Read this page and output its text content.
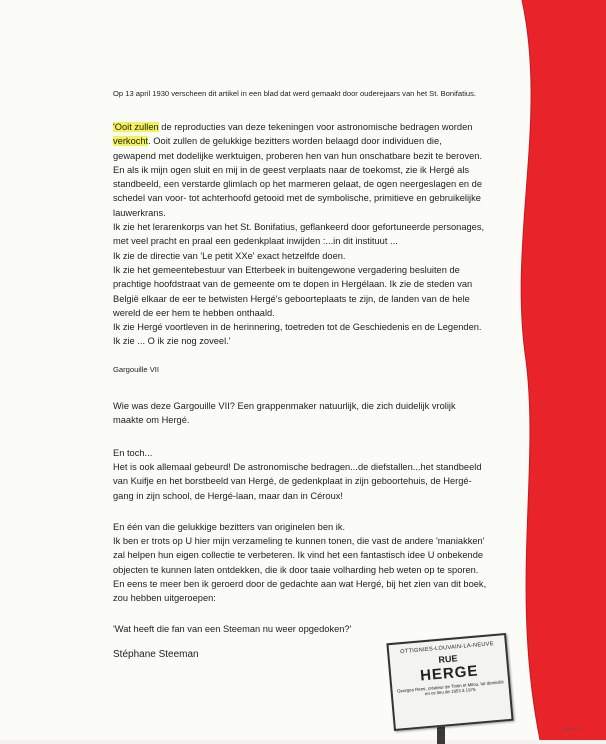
Op 13 april 1930 verscheen dit artikel in een blad dat werd gemaakt door ouderejaars van het St. Bonifatius.

'Ooit zullen de reproducties van deze tekeningen voor astronomische bedragen worden

verkocht. Ooit zullen de gelukkige bezitters worden belaagd door individuen die,

gewapend met dodelijke werktuigen, proberen hen van hun onschatbare bezit te beroven.

En als ik mijn ogen sluit en mij in de geest verplaats naar de toekomst, zie ik Hergé als

standbeeld, een verstarde glimlach op het marmeren gelaat, de ogen neergeslagen en de

schedel van voor- tot achterhoofd getooid met de symbolische, primitieve en gebruikelijke

lauwerkrans.

Ik zie het lerarenkorps van het St. Bonifatius, geflankeerd door gefortuneerde personages,

met veel pracht en praal een gedenkplaat inwijden :...in dit instituut ...

Ik zie de directie van 'Le petit XXe' exact hetzelfde doen.

Ik zie het gemeentebestuur van Etterbeek in buitengewone vergadering besluiten de

prachtige hoofdstraat van de gemeente om te dopen in Hergélaan. Ik zie de steden van

België elkaar de eer te betwisten Hergé's geboorteplaats te zijn, de landen van de hele

wereld de eer hem te hebben onthaald.

Ik zie Hergé voortleven in de herinnering, toetreden tot de Geschiedenis en de Legenden.

Ik zie ... O ik zie nog zoveel.'

Gargouille VII

Wie was deze Gargouille VII? Een grappenmaker natuurlijk, die zich duidelijk vrolijk

maakte om Hergé.

En toch...

Het is ook allemaal gebeurd! De astronomische bedragen...de diefstallen...het standbeeld

van Kuifje en het borstbeeld van Hergé, de gedenkplaat in zijn geboortehuis, de Hergé-

gang in zijn school, de Hergé-laan, maar dan in Céroux!

En één van die gelukkige bezitters van originelen ben ik.

Ik ben er trots op U hier mijn verzameling te kunnen tonen, die vast de andere 'maniakken'

zal helpen hun eigen collectie te verbeteren. Ik vind het een fantastisch idee U onbekende

objecten te kunnen laten ontdekken, die ik door taaie volharding heb weten op te sporen.

En eens te meer ben ik geroerd door de gedachte aan wat Hergé, bij het zien van dit boek,

zou hebben uitgeroepen:

'Wat heeft die fan van een Steeman nu weer opgedoken?'

Stéphane Steeman	OTTIGNIES-LOUVAIN-LA-NEUVE
RUE
HERGE
Georges Remi, créateur de Tintin et Milou, fut domicilié en ce lieu de 1953 à 1976.
Hergé 13
